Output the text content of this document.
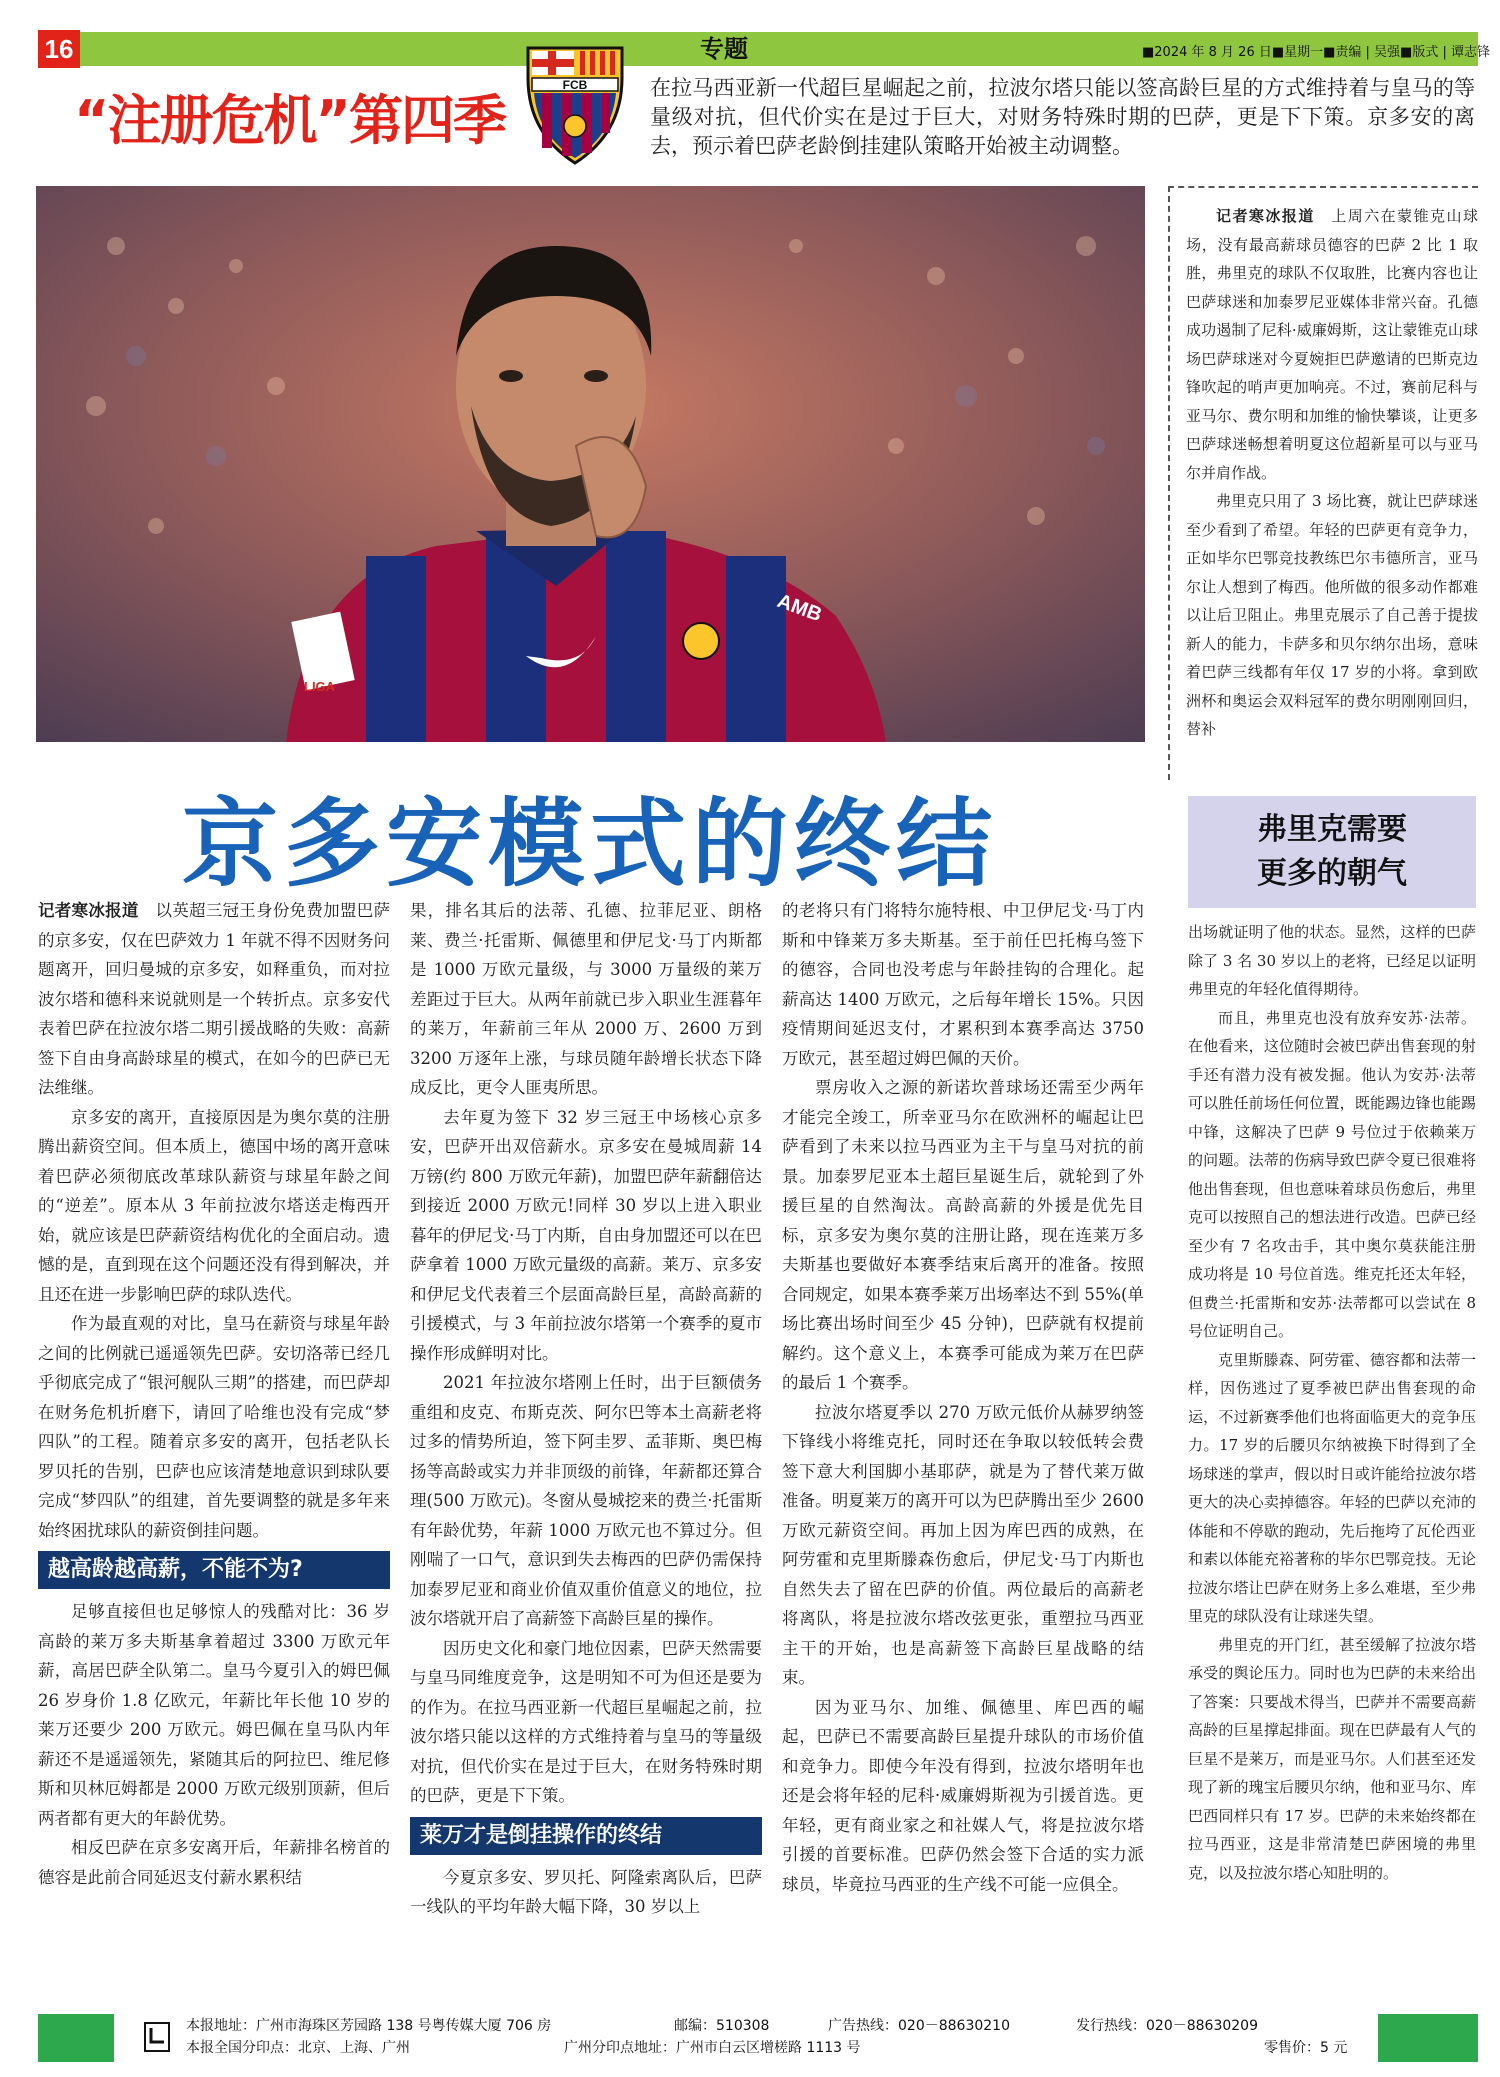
16	专题	■2024 年 8 月 26 日■星期一■责编 | 吴强■版式 | 谭志锋
“注册危机”第四季
FCB	在拉马西亚新一代超巨星崛起之前，拉波尔塔只能以签高龄巨星的方式维持着与皇马的等量级对抗，但代价实在是过于巨大，对财务特殊时期的巴萨，更是下下策。京多安的离去，预示着巴萨老龄倒挂建队策略开始被主动调整。
AMB
LIGA
京多安模式的终结

记者寒冰报道　 以英超三冠王身份免费加盟巴萨的京多安，仅在巴萨效力 1 年就不得不因财务问题离开，回归曼城的京多安，如释重负，而对拉波尔塔和德科来说就则是一个转折点。京多安代表着巴萨在拉波尔塔二期引援战略的失败：高薪签下自由身高龄球星的模式，在如今的巴萨已无法维继。

京多安的离开，直接原因是为奥尔莫的注册腾出薪资空间。但本质上，德国中场的离开意味着巴萨必须彻底改革球队薪资与球星年龄之间的“逆差”。原本从 3 年前拉波尔塔送走梅西开始，就应该是巴萨薪资结构优化的全面启动。遗憾的是，直到现在这个问题还没有得到解决，并且还在进一步影响巴萨的球队迭代。

作为最直观的对比，皇马在薪资与球星年龄之间的比例就已遥遥领先巴萨。安切洛蒂已经几乎彻底完成了“银河舰队三期”的搭建，而巴萨却在财务危机折磨下，请回了哈维也没有完成“梦四队”的工程。随着京多安的离开，包括老队长罗贝托的告别，巴萨也应该清楚地意识到球队要完成“梦四队”的组建，首先要调整的就是多年来始终困扰球队的薪资倒挂问题。

越高龄越高薪，不能不为?

足够直接但也足够惊人的残酷对比：36 岁高龄的莱万多夫斯基拿着超过 3300 万欧元年薪，高居巴萨全队第二。皇马今夏引入的姆巴佩 26 岁身价 1.8 亿欧元，年薪比年长他 10 岁的莱万还要少 200 万欧元。姆巴佩在皇马队内年薪还不是遥遥领先，紧随其后的阿拉巴、维尼修斯和贝林厄姆都是 2000 万欧元级别顶薪，但后两者都有更大的年龄优势。

相反巴萨在京多安离开后，年薪排名榜首的德容是此前合同延迟支付薪水累积结

果，排名其后的法蒂、孔德、拉菲尼亚、朗格莱、费兰·托雷斯、佩德里和伊尼戈·马丁内斯都是 1000 万欧元量级，与 3000 万量级的莱万差距过于巨大。从两年前就已步入职业生涯暮年的莱万，年薪前三年从 2000 万、2600 万到 3200 万逐年上涨，与球员随年龄增长状态下降成反比，更令人匪夷所思。

去年夏为签下 32 岁三冠王中场核心京多安，巴萨开出双倍薪水。京多安在曼城周薪 14 万镑(约 800 万欧元年薪)，加盟巴萨年薪翻倍达到接近 2000 万欧元!同样 30 岁以上进入职业暮年的伊尼戈·马丁内斯，自由身加盟还可以在巴萨拿着 1000 万欧元量级的高薪。莱万、京多安和伊尼戈代表着三个层面高龄巨星，高龄高薪的引援模式，与 3 年前拉波尔塔第一个赛季的夏市操作形成鲜明对比。

2021 年拉波尔塔刚上任时，出于巨额债务重组和皮克、布斯克茨、阿尔巴等本土高薪老将过多的情势所迫，签下阿圭罗、孟菲斯、奥巴梅扬等高龄或实力并非顶级的前锋，年薪都还算合理(500 万欧元)。冬窗从曼城挖来的费兰·托雷斯有年龄优势，年薪 1000 万欧元也不算过分。但刚喘了一口气，意识到失去梅西的巴萨仍需保持加泰罗尼亚和商业价值双重价值意义的地位，拉波尔塔就开启了高薪签下高龄巨星的操作。

因历史文化和豪门地位因素，巴萨天然需要与皇马同维度竞争，这是明知不可为但还是要为的作为。在拉马西亚新一代超巨星崛起之前，拉波尔塔只能以这样的方式维持着与皇马的等量级对抗，但代价实在是过于巨大，在财务特殊时期的巴萨，更是下下策。

莱万才是倒挂操作的终结

今夏京多安、罗贝托、阿隆索离队后，巴萨一线队的平均年龄大幅下降，30 岁以上

的老将只有门将特尔施特根、中卫伊尼戈·马丁内斯和中锋莱万多夫斯基。至于前任巴托梅乌签下的德容，合同也没考虑与年龄挂钩的合理化。起薪高达 1400 万欧元，之后每年增长 15%。只因疫情期间延迟支付，才累积到本赛季高达 3750 万欧元，甚至超过姆巴佩的天价。

票房收入之源的新诺坎普球场还需至少两年才能完全竣工，所幸亚马尔在欧洲杯的崛起让巴萨看到了未来以拉马西亚为主干与皇马对抗的前景。加泰罗尼亚本土超巨星诞生后，就轮到了外援巨星的自然淘汰。高龄高薪的外援是优先目标，京多安为奥尔莫的注册让路，现在连莱万多夫斯基也要做好本赛季结束后离开的准备。按照合同规定，如果本赛季莱万出场率达不到 55%(单场比赛出场时间至少 45 分钟)，巴萨就有权提前解约。这个意义上，本赛季可能成为莱万在巴萨的最后 1 个赛季。

拉波尔塔夏季以 270 万欧元低价从赫罗纳签下锋线小将维克托，同时还在争取以较低转会费签下意大利国脚小基耶萨，就是为了替代莱万做准备。明夏莱万的离开可以为巴萨腾出至少 2600 万欧元薪资空间。再加上因为库巴西的成熟，在阿劳霍和克里斯滕森伤愈后，伊尼戈·马丁内斯也自然失去了留在巴萨的价值。两位最后的高薪老将离队，将是拉波尔塔改弦更张，重塑拉马西亚主干的开始，也是高薪签下高龄巨星战略的结束。

因为亚马尔、加维、佩德里、库巴西的崛起，巴萨已不需要高龄巨星提升球队的市场价值和竞争力。即使今年没有得到，拉波尔塔明年也还是会将年轻的尼科·威廉姆斯视为引援首选。更年轻，更有商业家之和社媒人气，将是拉波尔塔引援的首要标准。巴萨仍然会签下合适的实力派球员，毕竟拉马西亚的生产线不可能一应俱全。

记者寒冰报道　 上周六在蒙锥克山球场，没有最高薪球员德容的巴萨 2 比 1 取胜，弗里克的球队不仅取胜，比赛内容也让巴萨球迷和加泰罗尼亚媒体非常兴奋。孔德成功遏制了尼科·威廉姆斯，这让蒙锥克山球场巴萨球迷对今夏婉拒巴萨邀请的巴斯克边锋吹起的哨声更加响亮。不过，赛前尼科与亚马尔、费尔明和加维的愉快攀谈，让更多巴萨球迷畅想着明夏这位超新星可以与亚马尔并肩作战。

弗里克只用了 3 场比赛，就让巴萨球迷至少看到了希望。年轻的巴萨更有竞争力，正如毕尔巴鄂竞技教练巴尔韦德所言，亚马尔让人想到了梅西。他所做的很多动作都难以让后卫阻止。弗里克展示了自己善于提拔新人的能力，卡萨多和贝尔纳尔出场，意味着巴萨三线都有年仅 17 岁的小将。拿到欧洲杯和奥运会双料冠军的费尔明刚刚回归，替补

弗里克需要
更多的朝气

出场就证明了他的状态。显然，这样的巴萨除了 3 名 30 岁以上的老将，已经足以证明弗里克的年轻化值得期待。

而且，弗里克也没有放弃安苏·法蒂。在他看来，这位随时会被巴萨出售套现的射手还有潜力没有被发掘。他认为安苏·法蒂可以胜任前场任何位置，既能踢边锋也能踢中锋，这解决了巴萨 9 号位过于依赖莱万的问题。法蒂的伤病导致巴萨令夏已很难将他出售套现，但也意味着球员伤愈后，弗里克可以按照自己的想法进行改造。巴萨已经至少有 7 名攻击手，其中奥尔莫获能注册成功将是 10 号位首选。维克托还太年轻，但费兰·托雷斯和安苏·法蒂都可以尝试在 8 号位证明自己。

克里斯滕森、阿劳霍、德容都和法蒂一样，因伤逃过了夏季被巴萨出售套现的命运，不过新赛季他们也将面临更大的竞争压力。17 岁的后腰贝尔纳被换下时得到了全场球迷的掌声，假以时日或许能给拉波尔塔更大的决心卖掉德容。年轻的巴萨以充沛的体能和不停歇的跑动，先后拖垮了瓦伦西亚和素以体能充裕著称的毕尔巴鄂竞技。无论拉波尔塔让巴萨在财务上多么难堪，至少弗里克的球队没有让球迷失望。

弗里克的开门红，甚至缓解了拉波尔塔承受的舆论压力。同时也为巴萨的未来给出了答案：只要战术得当，巴萨并不需要高薪高龄的巨星撑起排面。现在巴萨最有人气的巨星不是莱万，而是亚马尔。人们甚至还发现了新的瑰宝后腰贝尔纳，他和亚马尔、库巴西同样只有 17 岁。巴萨的未来始终都在拉马西亚，这是非常清楚巴萨困境的弗里克，以及拉波尔塔心知肚明的。

本报地址：广州市海珠区芳园路 138 号粤传媒大厦 706 房	邮编：510308	广告热线：020－88630210	发行热线：020－88630209
本报全国分印点：北京、上海、广州	广州分印点地址：广州市白云区增槎路 1113 号	零售价：5 元
